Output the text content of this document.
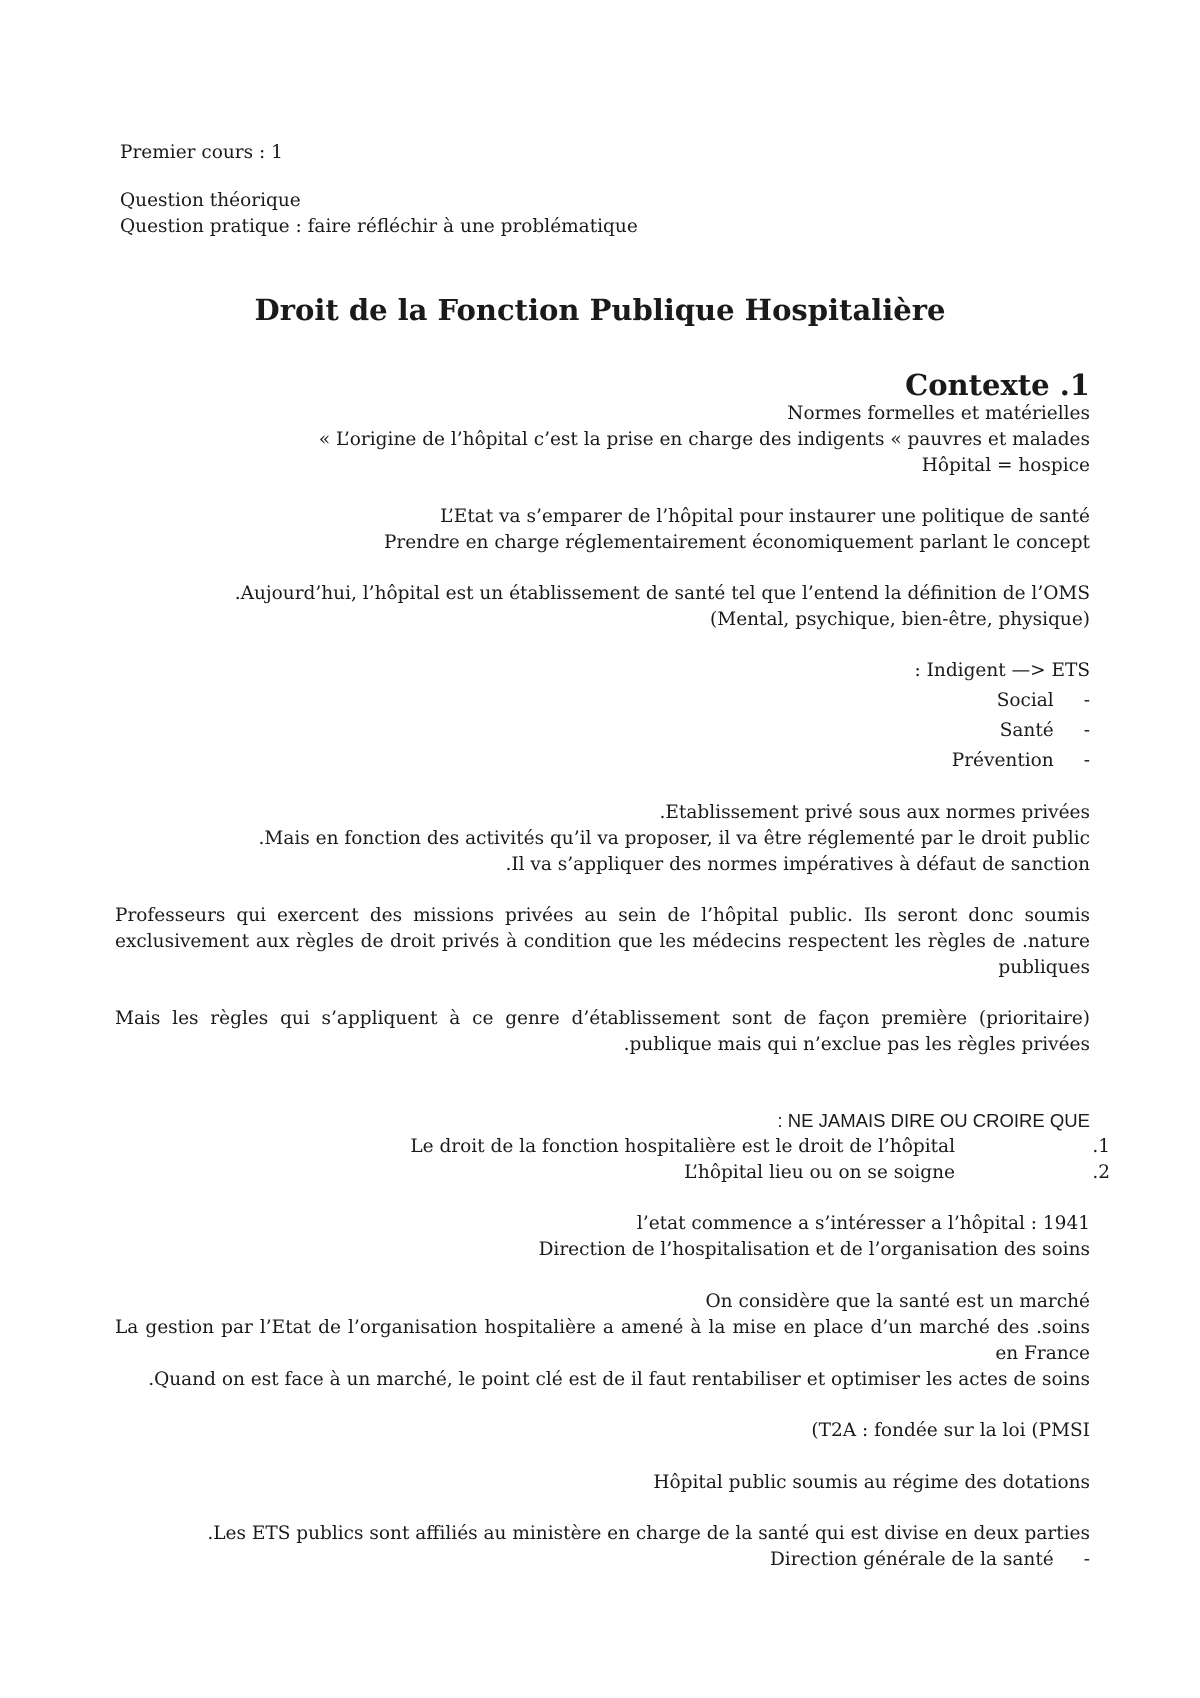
Premier cours : 1

Question théorique

Question pratique : faire réfléchir à une problématique

Droit de la Fonction Publique Hospitalière
Contexte .1

Normes formelles et matérielles

« L’origine de l’hôpital c’est la prise en charge des indigents « pauvres et malades

Hôpital = hospice

L’Etat va s’emparer de l’hôpital pour instaurer une politique de santé

Prendre en charge réglementairement économiquement parlant le concept

.Aujourd’hui, l’hôpital est un établissement de santé tel que l’entend la définition de l’OMS

(Mental, psychique, bien-être, physique)

: Indigent —> ETS

Social -

Santé -

Prévention -

.Etablissement privé sous aux normes privées

.Mais en fonction des activités qu’il va proposer, il va être réglementé par le droit public

.Il va s’appliquer des normes impératives à défaut de sanction

Professeurs qui exercent des missions privées au sein de l’hôpital public. Ils seront donc soumis exclusivement aux règles de droit privés à condition que les médecins respectent les règles de .nature publiques

Mais les règles qui s’appliquent à ce genre d’établissement sont de façon première (prioritaire) .publique mais qui n’exclue pas les règles privées

: NE JAMAIS DIRE OU CROIRE QUE

Le droit de la fonction hospitalière est le droit de l’hôpital	.1

L’hôpital lieu ou on se soigne	.2

l’etat commence a s’intéresser a l’hôpital : 1941

Direction de l’hospitalisation et de l’organisation des soins

On considère que la santé est un marché

La gestion par l’Etat de l’organisation hospitalière a amené à la mise en place d’un marché des .soins en France

.Quand on est face à un marché, le point clé est de il faut rentabiliser et optimiser les actes de soins

(T2A : fondée sur la loi (PMSI

Hôpital public soumis au régime des dotations

.Les ETS publics sont affiliés au ministère en charge de la santé qui est divise en deux parties

Direction générale de la santé -
